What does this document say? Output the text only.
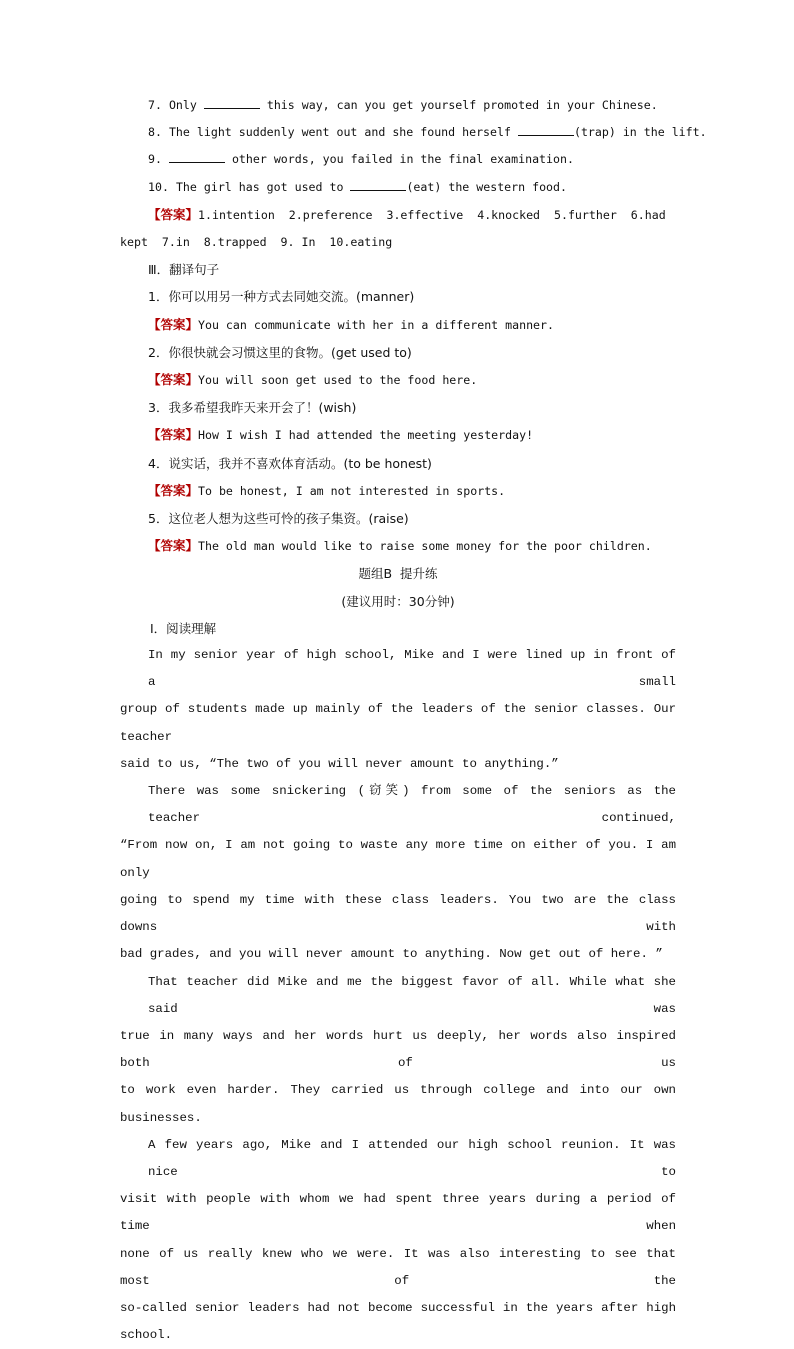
7. Only	this way, can you get yourself promoted in your Chinese.

8. The light suddenly went out and she found herself	(trap) in the lift.

9.	other words, you failed in the final examination.

10. The girl has got used to	(eat) the western food.

【答案】1.intention  2.preference  3.effective  4.knocked  5.further  6.had

kept  7.in  8.trapped  9. In  10.eating

Ⅲ．翻译句子

1．你可以用另一种方式去同她交流。(manner)

【答案】You can communicate with her in a different manner.

2．你很快就会习惯这里的食物。(get used to)

【答案】You will soon get used to the food here.

3．我多希望我昨天来开会了！(wish)

【答案】How I wish I had attended the meeting yesterday!

4．说实话，我并不喜欢体育活动。(to be honest)

【答案】To be honest, I am not interested in sports.

5．这位老人想为这些可怜的孩子集资。(raise)

【答案】The old man would like to raise some money for the poor children.

题组B  提升练

(建议用时：30分钟)

Ⅰ．阅读理解

In my senior year of high school, Mike and I were lined up in front of a small

group of students made up mainly of the leaders of the senior classes. Our teacher

said to us, “The two of you will never amount to anything.”

There was some snickering (窃笑) from some of the seniors as the teacher continued,

“From now on, I am not going to waste any more time on either of you. I am only

going to spend my time with these class leaders. You two are the class downs with

bad grades, and you will never amount to anything. Now get out of here. ”

That teacher did Mike and me the biggest favor of all. While what she said was

true in many ways and her words hurt us deeply, her words also inspired both of us

to work even harder. They carried us through college and into our own businesses.

A few years ago, Mike and I attended our high school reunion. It was nice to

visit with people with whom we had spent three years during a period of time when

none of us really knew who we were. It was also interesting to see that most of the

so-called senior leaders had not become successful in the years after high school.
